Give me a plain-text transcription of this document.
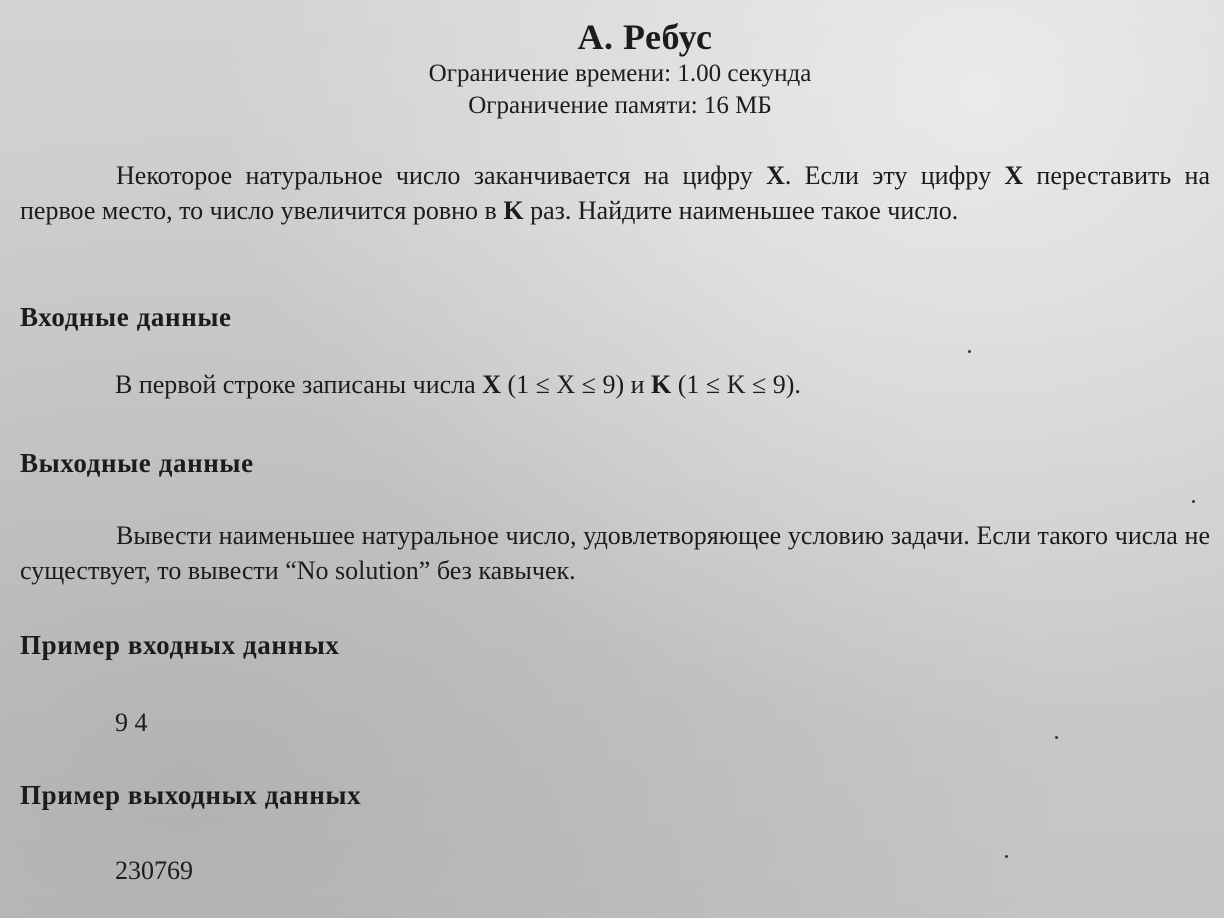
А. Ребус
Ограничение времени: 1.00 секунда
Ограничение памяти: 16 МБ
Некоторое натуральное число заканчивается на цифру X. Если эту цифру X переставить на первое место, то число увеличится ровно в K раз. Найдите наименьшее такое число.
Входные данные
В первой строке записаны числа X (1 ≤ X ≤ 9) и K (1 ≤ K ≤ 9).
Выходные данные
Вывести наименьшее натуральное число, удовлетворяющее условию задачи. Если такого числа не существует, то вывести “No solution” без кавычек.
Пример входных данных
9 4
Пример выходных данных
230769
